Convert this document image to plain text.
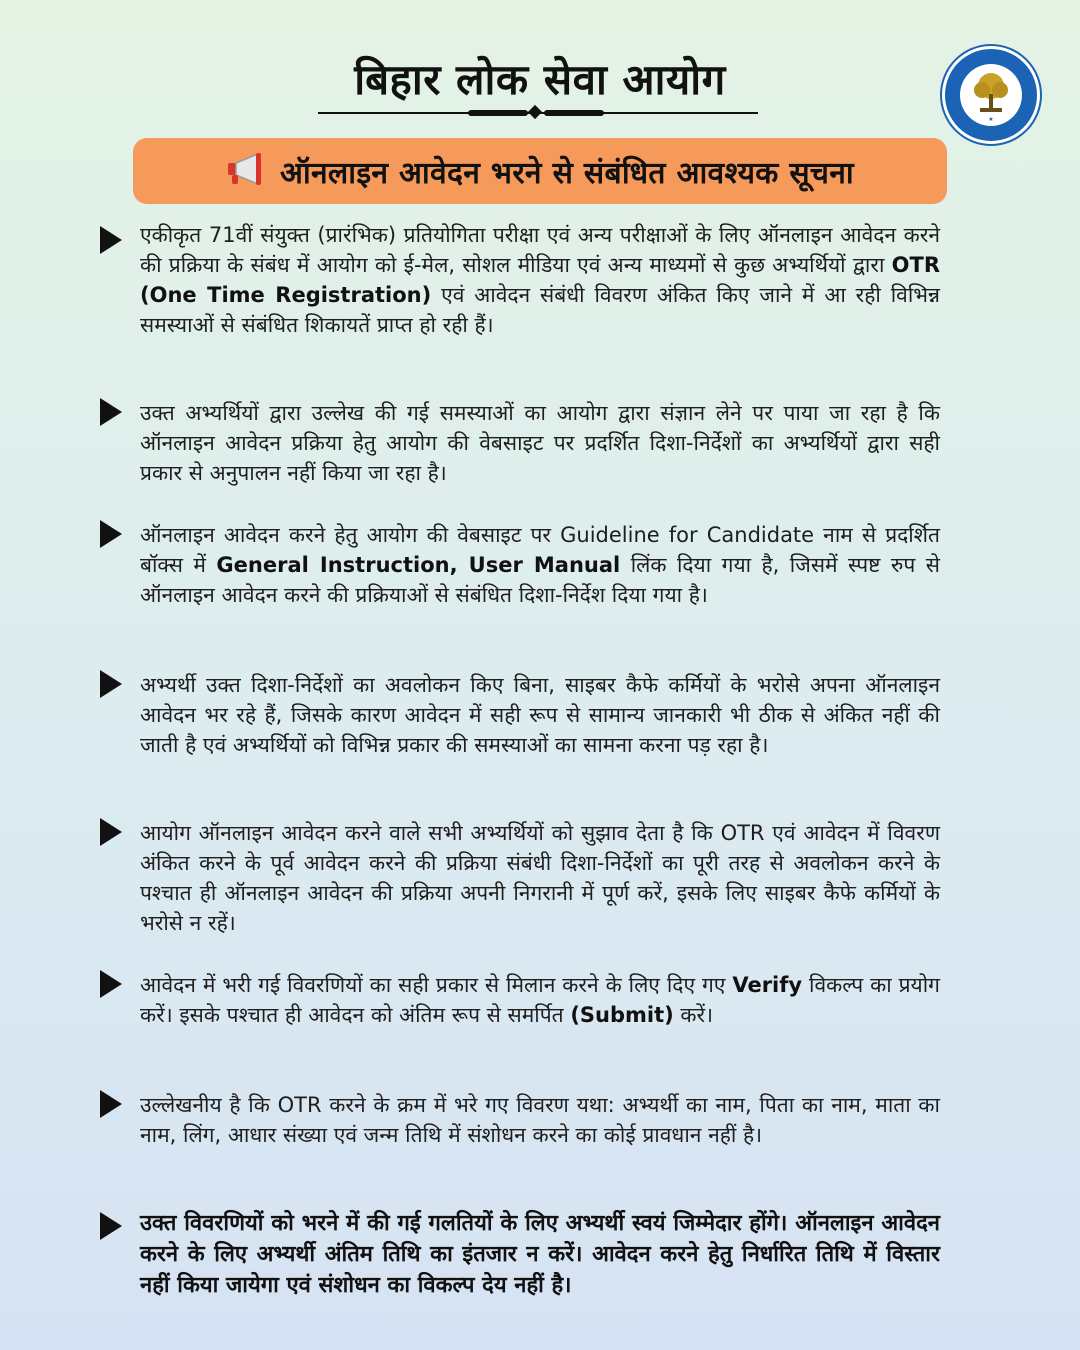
बिहार लोक सेवा आयोग
★
ऑनलाइन आवेदन भरने से संबंधित आवश्यक सूचना
एकीकृत 71वीं संयुक्त (प्रारंभिक) प्रतियोगिता परीक्षा एवं अन्य परीक्षाओं के लिए ऑनलाइन आवेदन करने की प्रक्रिया के संबंध में आयोग को ई-मेल, सोशल मीडिया एवं अन्य माध्यमों से कुछ अभ्यर्थियों द्वारा OTR (One Time Registration) एवं आवेदन संबंधी विवरण अंकित किए जाने में आ रही विभिन्न समस्याओं से संबंधित शिकायतें प्राप्त हो रही हैं।
उक्त अभ्यर्थियों द्वारा उल्लेख की गई समस्याओं का आयोग द्वारा संज्ञान लेने पर पाया जा रहा है कि ऑनलाइन आवेदन प्रक्रिया हेतु आयोग की वेबसाइट पर प्रदर्शित दिशा-निर्देशों का अभ्यर्थियों द्वारा सही प्रकार से अनुपालन नहीं किया जा रहा है।
ऑनलाइन आवेदन करने हेतु आयोग की वेबसाइट पर Guideline for Candidate नाम से प्रदर्शित बॉक्स में General Instruction, User Manual लिंक दिया गया है, जिसमें स्पष्ट रुप से ऑनलाइन आवेदन करने की प्रक्रियाओं से संबंधित दिशा-निर्देश दिया गया है।
अभ्यर्थी उक्त दिशा-निर्देशों का अवलोकन किए बिना, साइबर कैफे कर्मियों के भरोसे अपना ऑनलाइन आवेदन भर रहे हैं, जिसके कारण आवेदन में सही रूप से सामान्य जानकारी भी ठीक से अंकित नहीं की जाती है एवं अभ्यर्थियों को विभिन्न प्रकार की समस्याओं का सामना करना पड़ रहा है।
आयोग ऑनलाइन आवेदन करने वाले सभी अभ्यर्थियों को सुझाव देता है कि OTR एवं आवेदन में विवरण अंकित करने के पूर्व आवेदन करने की प्रक्रिया संबंधी दिशा-निर्देशों का पूरी तरह से अवलोकन करने के पश्चात ही ऑनलाइन आवेदन की प्रक्रिया अपनी निगरानी में पूर्ण करें, इसके लिए साइबर कैफे कर्मियों के भरोसे न रहें।
आवेदन में भरी गई विवरणियों का सही प्रकार से मिलान करने के लिए दिए गए Verify विकल्प का प्रयोग करें। इसके पश्चात ही आवेदन को अंतिम रूप से समर्पित (Submit) करें।
उल्लेखनीय है कि OTR करने के क्रम में भरे गए विवरण यथा: अभ्यर्थी का नाम, पिता का नाम, माता का नाम, लिंग, आधार संख्या एवं जन्म तिथि में संशोधन करने का कोई प्रावधान नहीं है।
उक्त विवरणियों को भरने में की गई गलतियों के लिए अभ्यर्थी स्वयं जिम्मेदार होंगे। ऑनलाइन आवेदन करने के लिए अभ्यर्थी अंतिम तिथि का इंतजार न करें। आवेदन करने हेतु निर्धारित तिथि में विस्तार नहीं किया जायेगा एवं संशोधन का विकल्प देय नहीं है।
